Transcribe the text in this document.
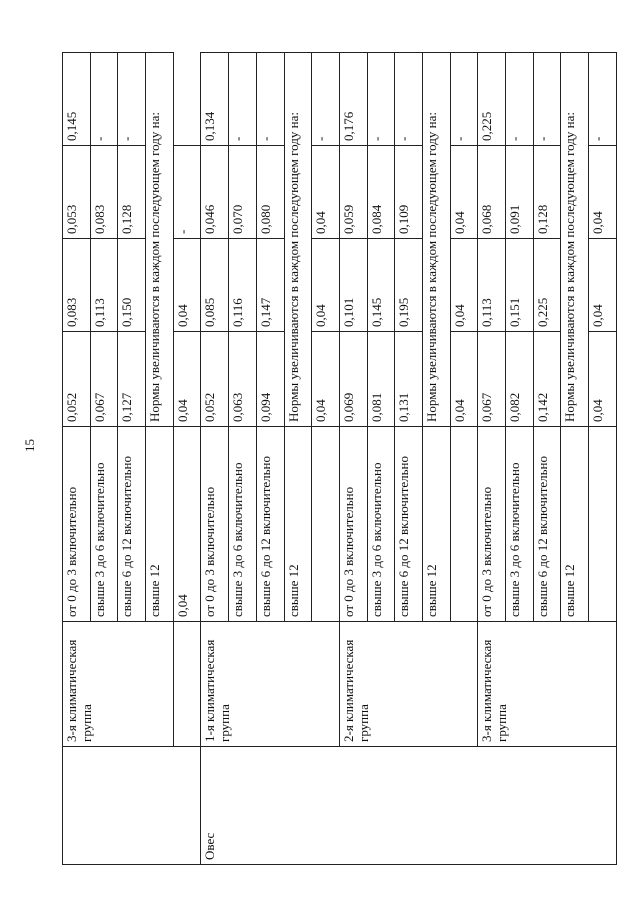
15
	3-я климатическая группа	от 0 до 3 включительно	0,052	0,083	0,053	0,145
		свыше 3 до 6 включительно	0,067	0,113	0,083	-
		свыше 6 до 12 включительно	0,127	0,150	0,128	-
		свыше 12	Нормы увеличиваются в каждом последующем году на:			
		0,04	0,04	0,04	-	
Овес	1-я климатическая группа	от 0 до 3 включительно	0,052	0,085	0,046	0,134
		свыше 3 до 6 включительно	0,063	0,116	0,070	-
		свыше 6 до 12 включительно	0,094	0,147	0,080	-
		свыше 12	Нормы увеличиваются в каждом последующем году на:			
			0,04	0,04	0,04	-
	2-я климатическая группа	от 0 до 3 включительно	0,069	0,101	0,059	0,176
		свыше 3 до 6 включительно	0,081	0,145	0,084	-
		свыше 6 до 12 включительно	0,131	0,195	0,109	-
		свыше 12	Нормы увеличиваются в каждом последующем году на:			
			0,04	0,04	0,04	-
	3-я климатическая группа	от 0 до 3 включительно	0,067	0,113	0,068	0,225
		свыше 3 до 6 включительно	0,082	0,151	0,091	-
		свыше 6 до 12 включительно	0,142	0,225	0,128	-
		свыше 12	Нормы увеличиваются в каждом последующем году на:			
			0,04	0,04	0,04	-
